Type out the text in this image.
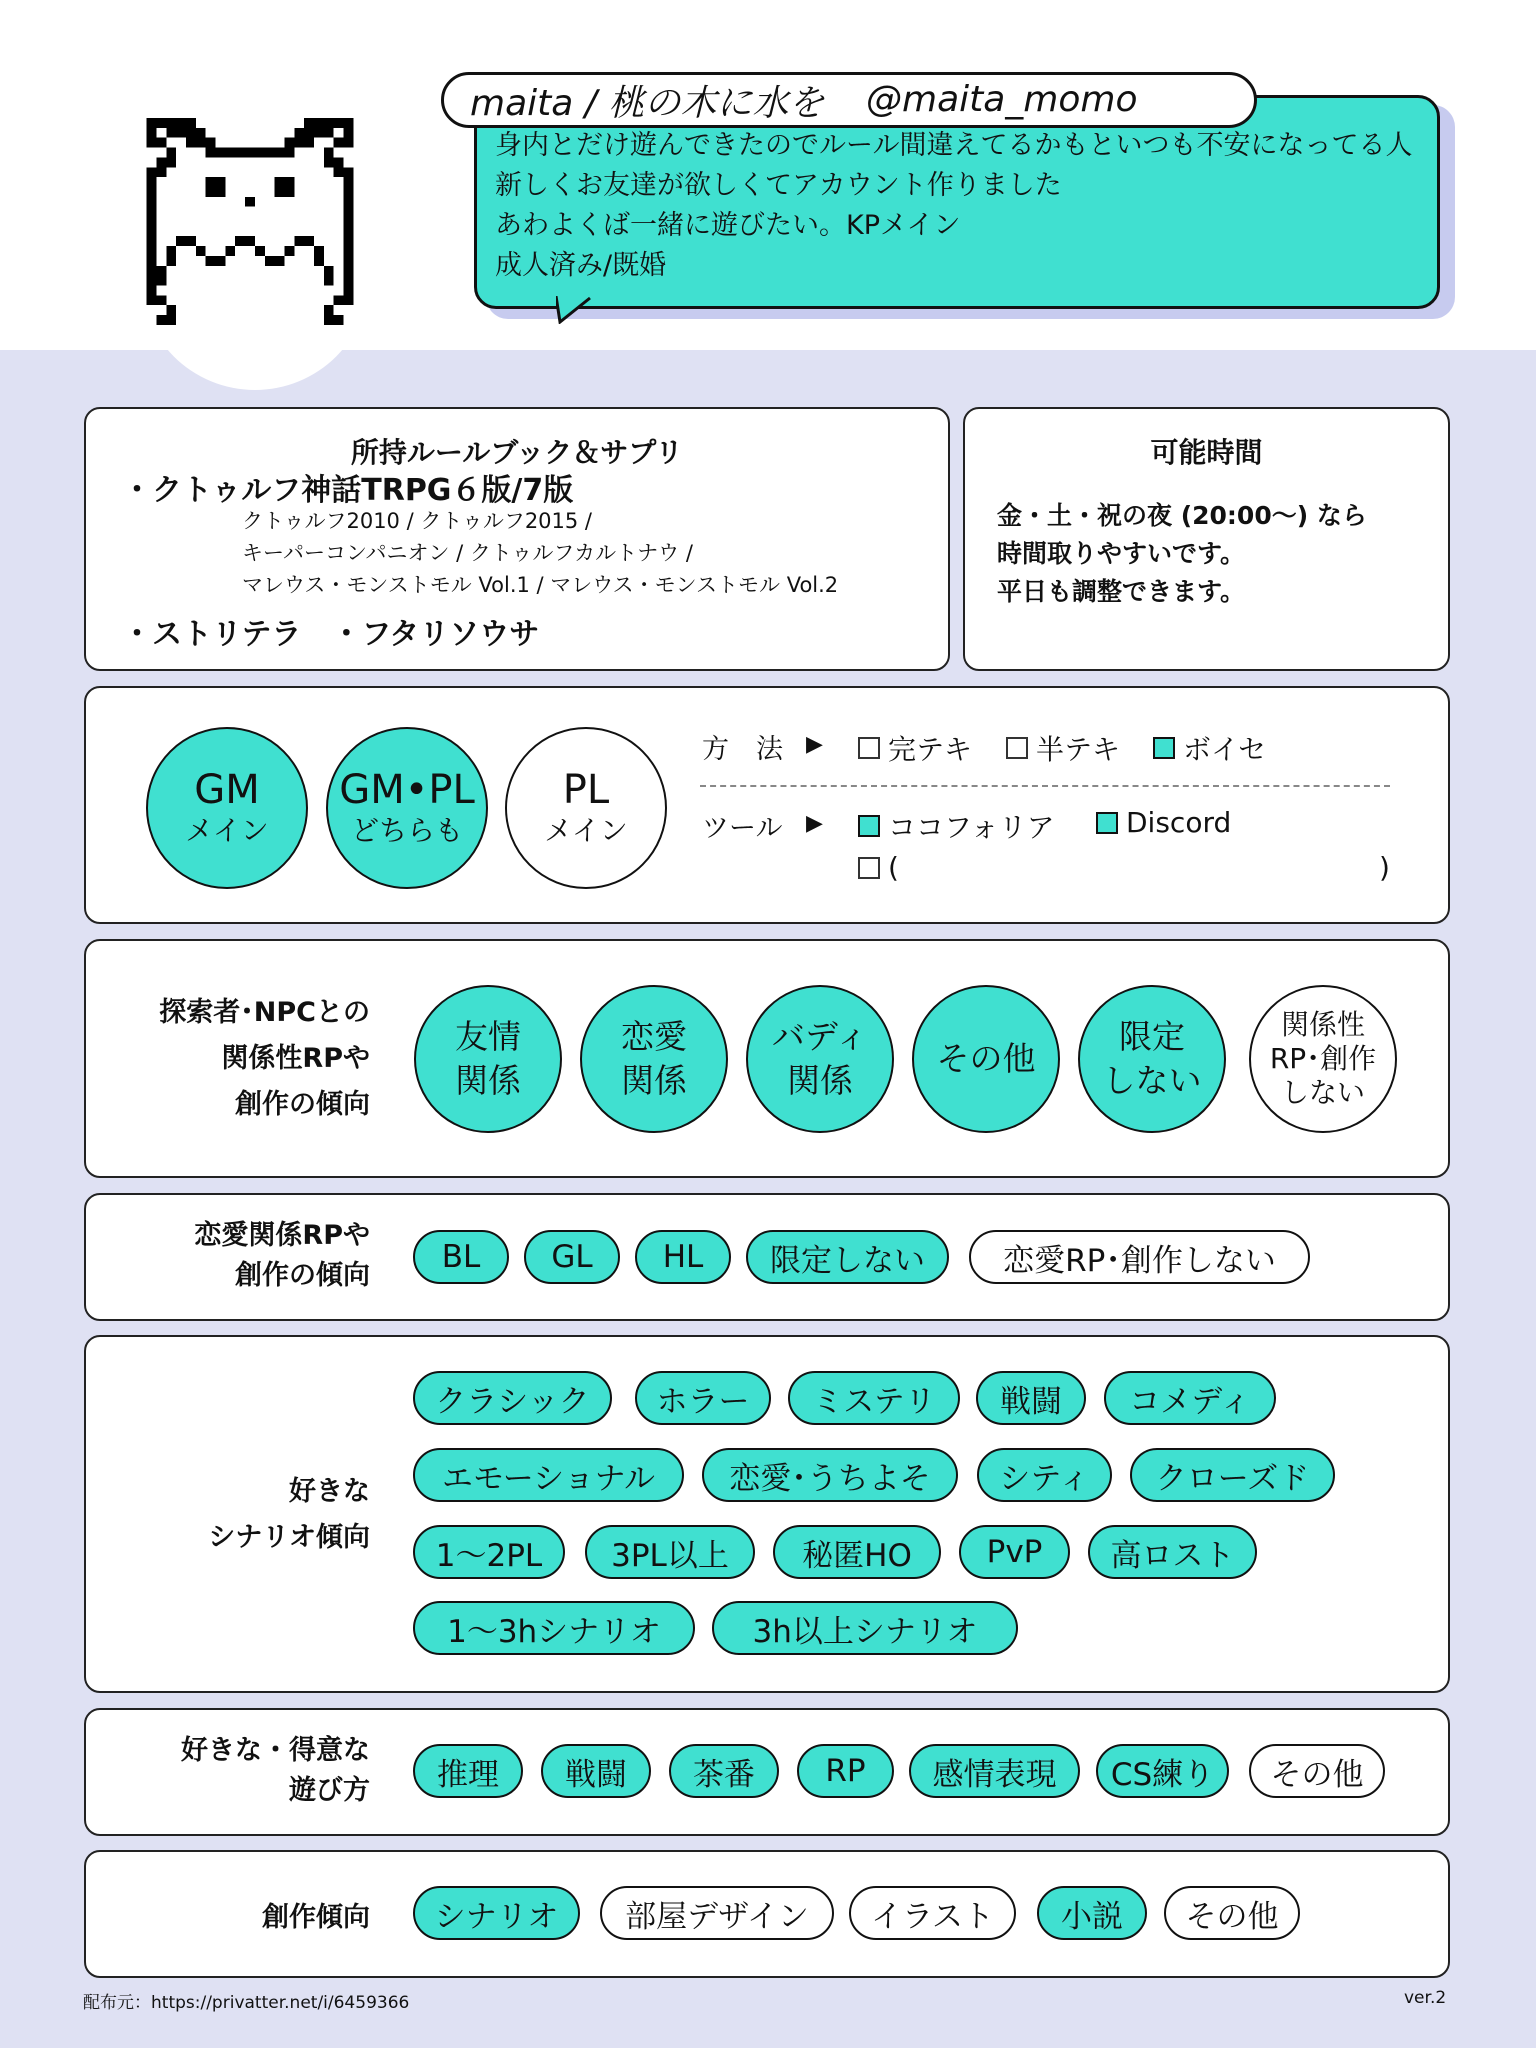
身内とだけ遊んできたのでルール間違えてるかもといつも不安になってる人
新しくお友達が欲しくてアカウント作りました
あわよくば一緒に遊びたい。KPメイン
成人済み/既婚
maita / 桃の木に水を	@maita_momo
所持ルールブック＆サプリ
・クトゥルフ神話TRPG６版/7版
クトゥルフ2010 / クトゥルフ2015 /
キーパーコンパニオン / クトゥルフカルトナウ /
マレウス・モンストモル Vol.1 / マレウス・モンストモル Vol.2
・ストリテラ　・フタリソウサ
可能時間
金・土・祝の夜 (20:00～) なら
時間取りやすいです。
平日も調整できます。
GM
メイン
GM•PL
どちらも
PL
メイン
方　法 ▶ 完テキ 半テキ ボイセ
ツール ▶ ココフォリア	Discord
(	)
探索者･NPCとの
関係性RPや
創作の傾向
友情
関係
恋愛
関係
バディ
関係
その他
限定
しない
関係性
RP･創作
しない
恋愛関係RPや
創作の傾向
BL	GL	HL	限定しない	恋愛RP･創作しない
好きな
シナリオ傾向
クラシック	ホラー	ミステリ	戦闘	コメディ
エモーショナル	恋愛･うちよそ	シティ	クローズド
1～2PL	3PL以上	秘匿HO	PvP	高ロスト
1～3hシナリオ	3h以上シナリオ
好きな・得意な
遊び方	推理	戦闘	茶番	RP	感情表現	CS練り	その他
創作傾向	シナリオ	部屋デザイン	イラスト	小説	その他
配布元：https://privatter.net/i/6459366	ver.2
